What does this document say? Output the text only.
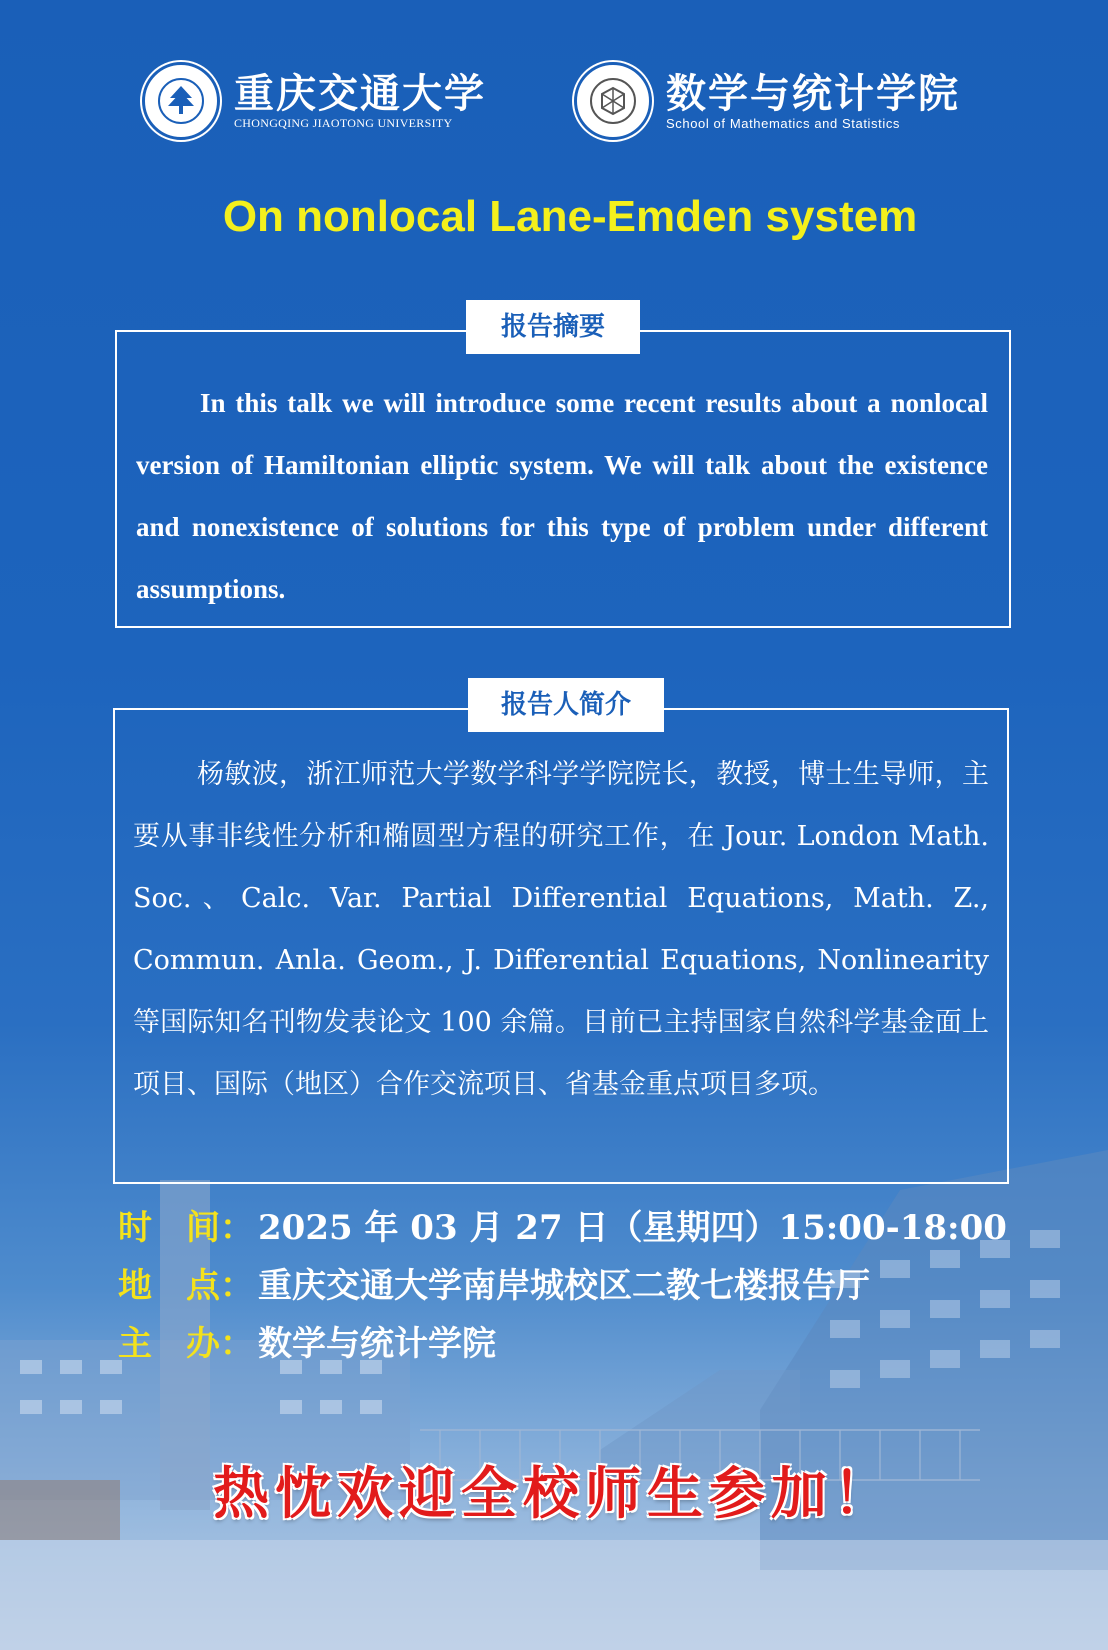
重庆交通大学
CHONGQING JIAOTONG UNIVERSITY
数学与统计学院
School of Mathematics and Statistics
On nonlocal Lane-Emden system
报告摘要
In this talk we will introduce some recent results about a nonlocal version of Hamiltonian elliptic system. We will talk about the existence and nonexistence of solutions for this type of problem under different assumptions.
报告人简介
杨敏波，浙江师范大学数学科学学院院长，教授，博士生导师，主要从事非线性分析和椭圆型方程的研究工作，在 Jour. London Math. Soc.、Calc. Var. Partial Differential Equations, Math. Z., Commun. Anla. Geom., J. Differential Equations, Nonlinearity 等国际知名刊物发表论文 100 余篇。目前已主持国家自然科学基金面上项目、国际（地区）合作交流项目、省基金重点项目多项。
时　间： 2025 年 03 月 27 日（星期四）15:00-18:00
地　点： 重庆交通大学南岸城校区二教七楼报告厅
主　办： 数学与统计学院
热忱欢迎全校师生参加！
